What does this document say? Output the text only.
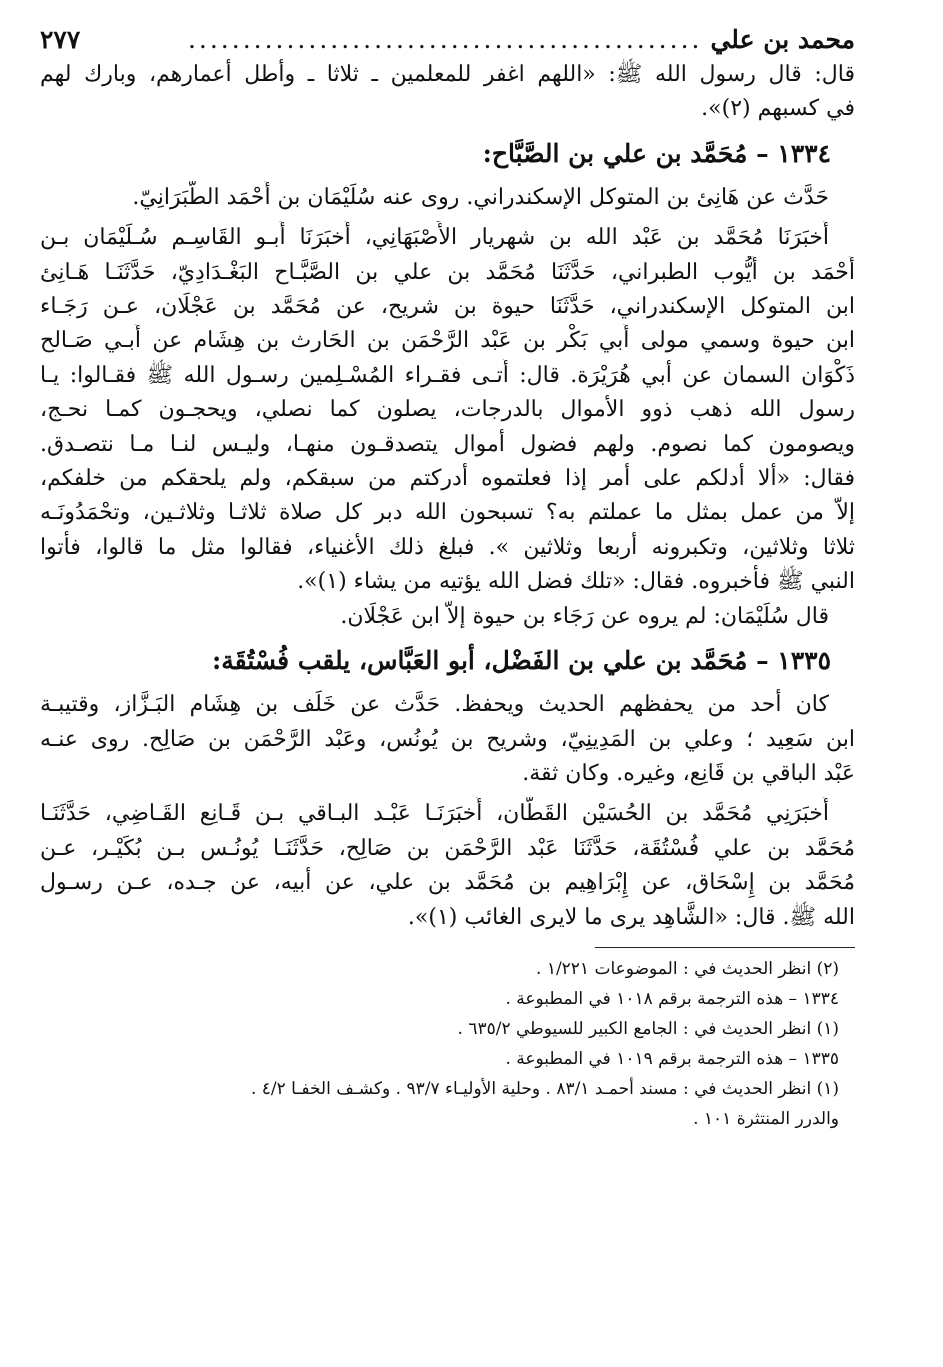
محمد بن علي
...............................................
٢٧٧
قال: قال رسول الله ﷺ: «اللهم اغفر للمعلمين ـ ثلاثا ـ وأطل أعمارهم، وبارك لهم
في كسبهم (٢)».
١٣٣٤ – مُحَمَّد بن علي بن الصَّبَّاح:
حَدَّث عن هَانِئ بن المتوكل الإسكندراني. روى عنه سُلَيْمَان بن أَحْمَد الطَّبَرَانِيّ.
أَخبَرَنَا مُحَمَّد بن عَبْد الله بن شهريار الأَصْبَهَانِي، أَخبَرَنَا أَبـو القَاسِـم سُـلَيْمَان بـن
أَحْمَد بن أَيُّوب الطبراني، حَدَّثَنَا مُحَمَّد بن علي بن الصَّبَّـاح البَغْـدَادِيّ، حَدَّثَنَـا هَـانِئ
ابن المتوكل الإسكندراني، حَدَّثَنَا حيوة بن شريح، عن مُحَمَّد بن عَجْلَان، عـن رَجَـاء
ابن حيوة وسمي مولى أَبي بَكْر بن عَبْد الرَّحْمَن بن الحَارث بن هِشَام عن أَبـي صَـالح
ذَكْوَان السمان عن أبي هُرَيْرَة. قال: أَتـى فقـراء المُسْـلِمين رسـول الله ﷺ فقـالوا: يـا
رسول الله ذهب ذوو الأموال بالدرجات، يصلون كما نصلي، ويحجـون كمـا نحـج،
ويصومون كما نصوم. ولهم فضول أموال يتصدقـون منهـا، وليـس لنـا مـا نتصـدق.
فقال: «ألا أدلكم على أمر إذا فعلتموه أدركتم من سبقكم، ولم يلحقكم من خلفكم،
إلاّ من عمل بمثل ما عملتم به؟ تسبحون الله دبر كل صلاة ثلاثـا وثلاثـين، وتحْمَدُونَـه
ثلاثا وثلاثين، وتكبرونه أربعا وثلاثين ». فبلغ ذلك الأغنياء، فقالوا مثل ما قالوا، فأتوا
النبي ﷺ فأخبروه. فقال: «تلك فضل الله يؤتيه من يشاء (١)».
قال سُلَيْمَان: لم يروه عن رَجَاء بن حيوة إلاّ ابن عَجْلَان.
١٣٣٥ – مُحَمَّد بن علي بن الفَضْل، أبو العَبَّاس، يلقب فُسْتُقَة:
كان أحد من يحفظهم الحديث ويحفظ. حَدَّث عن خَلَف بن هِشَام البَـزَّاز، وقتيبـة
ابن سَعِيد ؛ وعلي بن المَدِينِيّ، وشريح بن يُونُس، وعَبْد الرَّحْمَن بن صَالِح. روى عنـه
عَبْد الباقي بن قَانِع، وغيره. وكان ثقة.
أَخبَرَنِي مُحَمَّد بن الحُسَيْن القَطَّان، أَخبَرَنَـا عَبْـد البـاقي بـن قَـانِع القَـاضِي، حَدَّثَنَـا
مُحَمَّد بن علي فُسْتُقَة، حَدَّثَنَا عَبْد الرَّحْمَن بن صَالِح، حَدَّثَنَـا يُونُـس بـن بُكَيْـر، عـن
مُحَمَّد بن إِسْحَاق، عن إِبْرَاهِيم بن مُحَمَّد بن علي، عن أبيه، عن جـده، عـن رسـول
الله ﷺ. قال: «الشَّاهِد يرى ما لايرى الغائب (١)».
(٢) انظر الحديث في : الموضوعات ١/٢٢١ .
١٣٣٤ – هذه الترجمة برقم ١٠١٨ في المطبوعة .
(١) انظر الحديث في : الجامع الكبير للسيوطي ٦٣٥/٢ .
١٣٣٥ – هذه الترجمة برقم ١٠١٩ في المطبوعة .
(١) انظر الحديث في : مسند أحمـد ٨٣/١ . وحلية الأوليـاء ٩٣/٧ . وكشـف الخفـا ٤/٢ .
والدرر المنتثرة ١٠١ .
